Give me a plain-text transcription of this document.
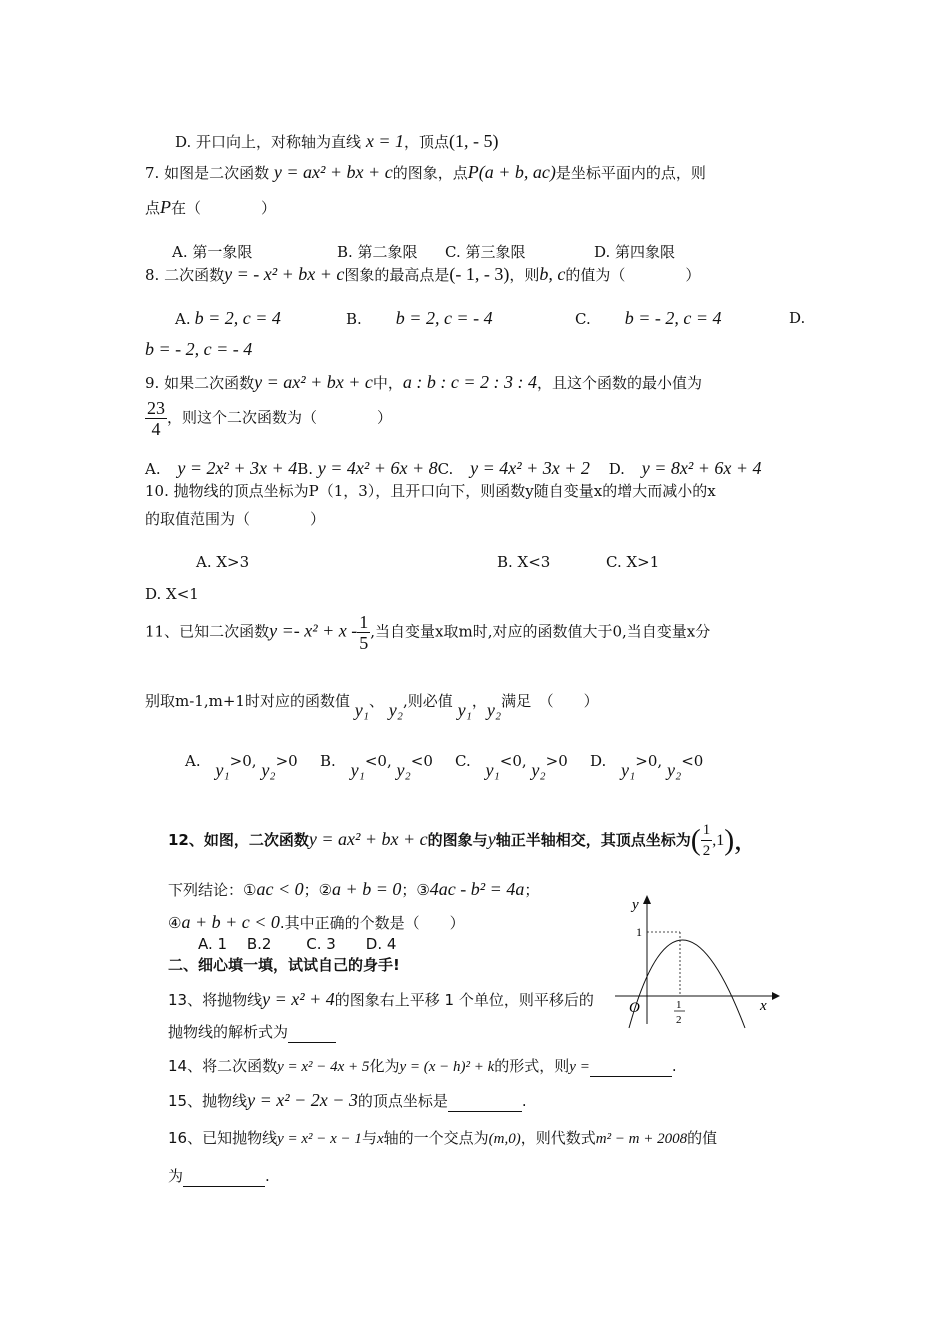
D. 开口向上，对称轴为直线 x = 1，顶点(1, - 5)
7. 如图是二次函数 y = ax² + bx + c的图象，点P(a + b, ac)是坐标平面内的点，则
点P在（　　　　）
A. 第一象限	B. 第二象限 C. 第三象限	D. 第四象限
8. 二次函数y = - x² + bx + c图象的最高点是(- 1, - 3)，则b, c的值为（　　　　）
A. b = 2, c = 4	B. b = 2, c = - 4	C. b = - 2, c = 4	D.
b = - 2, c = - 4
9. 如果二次函数y = ax² + bx + c中，a : b : c = 2 : 3 : 4，且这个函数的最小值为
$\frac{23}{4}$ ，则这个二次函数为（　　　　）
A. y = 2x² + 3x + 4B. y = 4x² + 6x + 8C. y = 4x² + 3x + 2 D. y = 8x² + 6x + 4
10. 抛物线的顶点坐标为P（1，3），且开口向下，则函数y随自变量x的增大而减小的x
的取值范围为（　　　　）
A. X>3	B. X<3	C. X>1
D. X<1
11、已知二次函数$y =- x^2 + x - \frac{1}{5}$ ,当自变量x取m时,对应的函数值大于0,当自变量x分
别取m-1,m+1时对应的函数值 y₁、 y₂,则必值 y₁，y₂满足　（　　）
A. y₁>0, y₂>0 B. y₁<0, y₂<0 C. y₁<0, y₂>0 D. y₁>0, y₂<0
12、如图，二次函数y = ax² + bx + c的图象与y轴正半轴相交，其顶点坐标为( $\frac{1}{2} ,1$),
下列结论：①ac < 0；②a + b = 0；③4ac - b² = 4a；
④a + b + c < 0.其中正确的个数是（　　）
A. 1　 B.2　　 C. 3　　D. 4
y
x
O
1
1
2
二、细心填一填，试试自己的身手!
13、将抛物线y = x² + 4的图象右上平移 1 个单位，则平移后的
抛物线的解析式为
14、将二次函数y = x² − 4x + 5化为y = (x − h)² + k的形式，则y =	.
15、抛物线y = x² − 2x − 3的顶点坐标是	.
16、已知抛物线y = x² − x − 1与x轴的一个交点为(m,0)，则代数式m² − m + 2008的值
为	.
